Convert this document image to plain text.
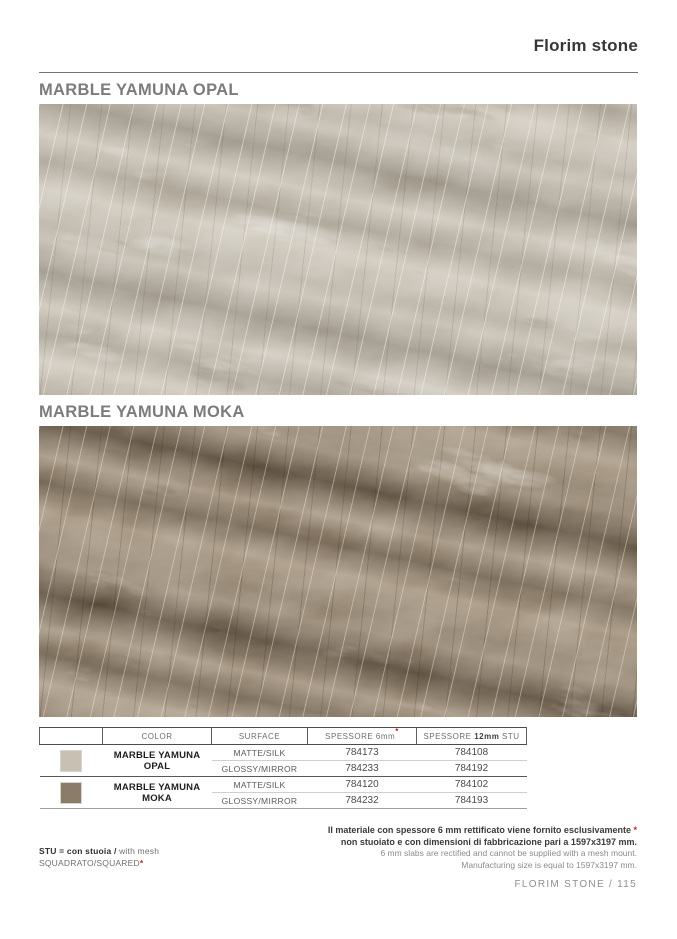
Florim stone
MARBLE YAMUNA OPAL
MARBLE YAMUNA MOKA
	COLOR	SURFACE	SPESSORE 6mm*	SPESSORE 12mm STU
	MARBLE YAMUNA OPAL	MATTE/SILK	784173	784108
		GLOSSY/MIRROR	784233	784192
	MARBLE YAMUNA MOKA	MATTE/SILK	784120	784102
		GLOSSY/MIRROR	784232	784193
STU = con stuoia / with mesh
SQUADRATO/SQUARED*
Il materiale con spessore 6 mm rettificato viene fornito esclusivamente *
non stuoiato e con dimensioni di fabbricazione pari a 1597x3197 mm.
6 mm slabs are rectified and cannot be supplied with a mesh mount.
Manufacturing size is equal to 1597x3197 mm.
FLORIM STONE / 115
